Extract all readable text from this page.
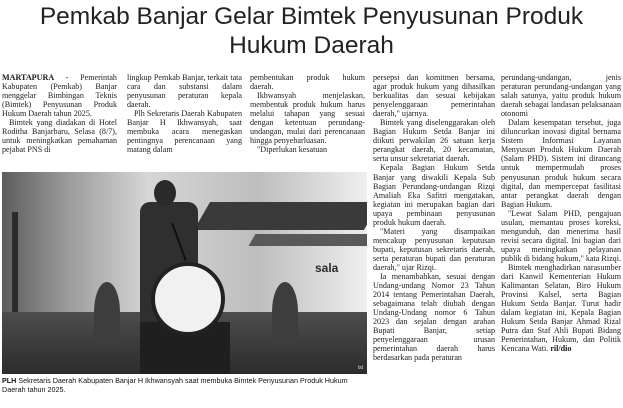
Pemkab Banjar Gelar Bimtek Penyusunan Produk Hukum Daerah

MARTAPURA - Pemerintah Kabupaten (Pemkab) Banjar menggelar Bimbingan Teknis (Bimtek) Penyusunan Produk Hukum Daerah tahun 2025.

Bimtek yang diadakan di Hotel Roditha Banjarbaru, Selasa (8/7), untuk meningkatkan pemahaman pejabat PNS di

lingkup Pemkab Banjar, terkait tata cara dan substansi dalam penyusunan peraturan kepala daerah.

Plh Sekretaris Daerah Kabupaten Banjar H Ikhwansyah, saat membuka acara menegaskan pentingnya perencanaan yang matang dalam

pembentukan produk hukum daerah.

Ikhwansyah menjelaskan, membentuk produk hukum harus melalui tahapan yang sesuai dengan ketentuan perundang-undangan, mulai dari perencanaan hingga penyebarluasan.

"Diperlukan kesatuan

persepsi dan komitmen bersama, agar produk hukum yang dihasilkan berkualitas dan sesuai kebijakan penyelenggaraan pemerintahan daerah," ujarnya.

Bimtek yang diselenggarakan oleh Bagian Hukum Setda Banjar ini diikuti perwakilan 26 satuan kerja perangkat daerah, 20 kecamatan, serta unsur sekretariat daerah.

Kepala Bagian Hukum Setda Banjar yang diwakili Kepala Sub Bagian Perundang-undangan Rizqi Amaliah Eka Safitri mengatakan, kegiatan ini merupakan bagian dari upaya pembinaan penyusunan produk hukum daerah.

"Materi yang disampaikan mencakup penyusunan keputusan bupati, keputusan sekretaris daerah, serta peraturan bupati dan peraturan daerah," ujar Rizqi.

Ia menambahkan, sesuai dengan Undang-undang Nomor 23 Tahun 2014 tentang Pemerintahan Daerah, sebagaimana telah diubah dengan Undang-Undang nomor 6 Tahun 2023 dan sejalan dengan arahan Bupati Banjar, setiap penyelenggaraan urusan pemerintahan daerah harus berdasarkan pada peraturan

perundang-undangan, jenis peraturan perundang-undangan yang salah satunya, yaitu produk hukum daerah sebagai landasan pelaksanaan otonomi

Dalam kesempatan tersebut, juga diluncurkan inovasi digital bernama Sistem Informasi Layanan Menyusun Produk Hukum Daerah (Salam PHD). Sistem ini dirancang untuk mempermudah proses penyusunan produk hukum secara digital, dan mempercepat fasilitasi antar perangkat daerah dengan Bagian Hukum.

"Lewat Salam PHD, pengajuan usulan, memantau proses koreksi, mengunduh, dan menerima hasil revisi secara digital. Ini bagian dari upaya meningkatkan pelayanan publik di bidang hukum," kata Rizqi.

Bimtek menghadirkan narasumber dari Kanwil Kementerian Hukum Kalimantan Selatan, Biro Hukum Provinsi Kalsel, serta Bagian Hukum Setda Banjar. Turut hadir dalam kegiatan ini, Kepala Bagian Hukum Setda Banjar Ahmad Rizal Putra dan Staf Ahli Bupati Bidang Pemerintahan, Hukum, dan Politik Kencana Wati. ril/dio

sala
ist

PLH Sekretaris Daerah Kabupaten Banjar H Ikhwansyah saat membuka Bimtek Penyusunan Produk Hukum Daerah tahun 2025.
